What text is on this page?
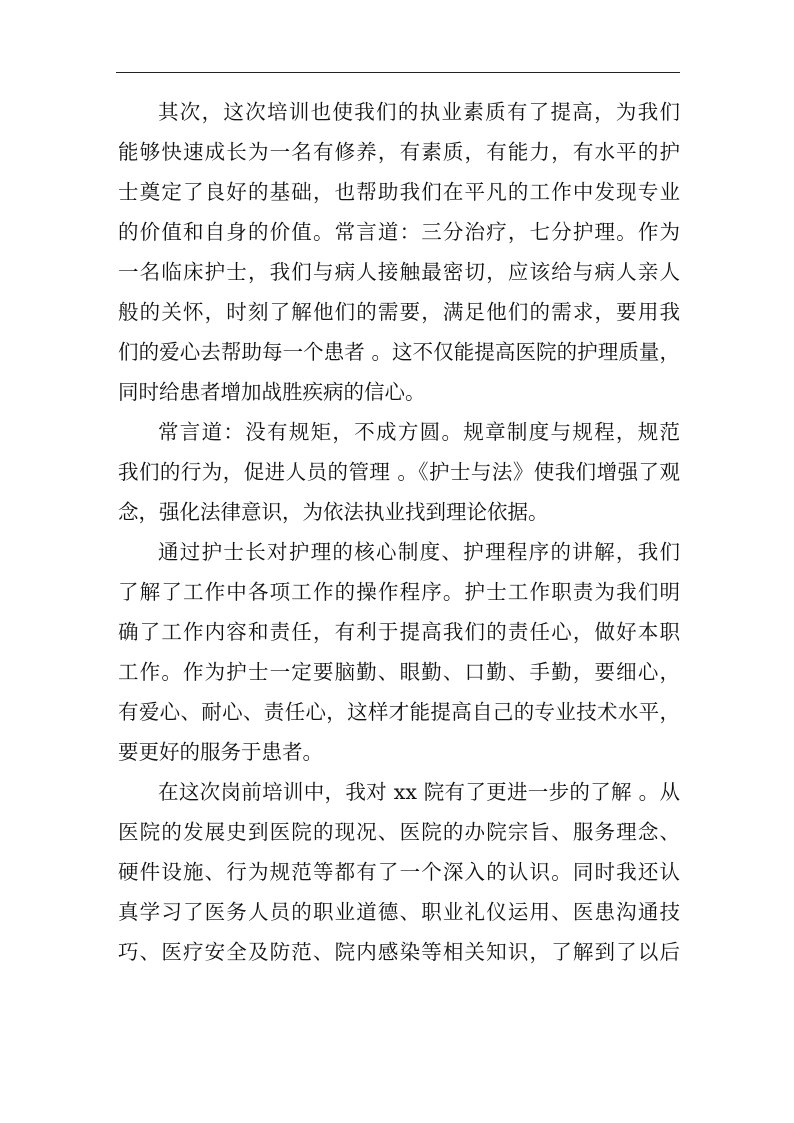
其次，这次培训也使我们的执业素质有了提高，为我们
能够快速成长为一名有修养，有素质，有能力，有水平的护
士奠定了良好的基础，也帮助我们在平凡的工作中发现专业
的价值和自身的价值。常言道：三分治疗，七分护理。作为
一名临床护士，我们与病人接触最密切，应该给与病人亲人
般的关怀，时刻了解他们的需要，满足他们的需求，要用我
们的爱心去帮助每一个患者 。这不仅能提高医院的护理质量，
同时给患者增加战胜疾病的信心。
常言道：没有规矩，不成方圆。规章制度与规程，规范
我们的行为，促进人员的管理 。《护士与法》使我们增强了观
念，强化法律意识，为依法执业找到理论依据。
通过护士长对护理的核心制度、护理程序的讲解，我们
了解了工作中各项工作的操作程序。护士工作职责为我们明
确了工作内容和责任，有利于提高我们的责任心，做好本职
工作。作为护士一定要脑勤、眼勤、口勤、手勤，要细心，
有爱心、耐心、责任心，这样才能提高自己的专业技术水平，
要更好的服务于患者。
在这次岗前培训中，我对 xx 院有了更进一步的了解 。从
医院的发展史到医院的现况、医院的办院宗旨、服务理念、
硬件设施、行为规范等都有了一个深入的认识。同时我还认
真学习了医务人员的职业道德、职业礼仪运用、医患沟通技
巧、医疗安全及防范、院内感染等相关知识，了解到了以后
